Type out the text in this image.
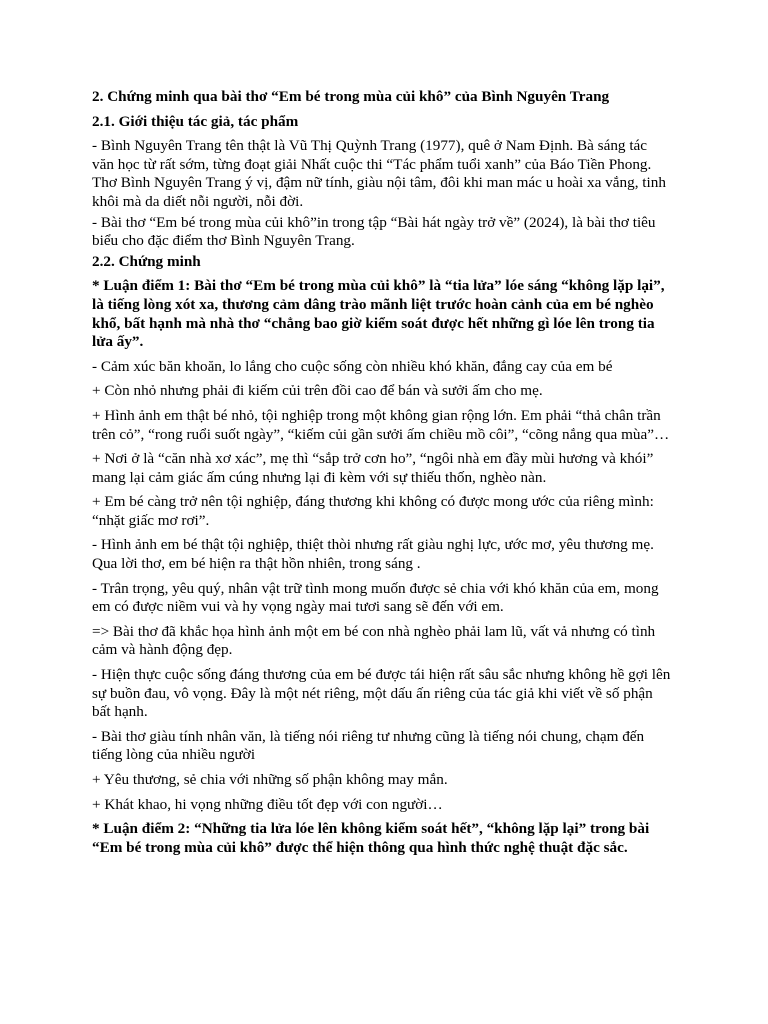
2. Chứng minh qua bài thơ “Em bé trong mùa củi khô” của Bình Nguyên Trang

2.1. Giới thiệu tác giả, tác phẩm

- Bình Nguyên Trang tên thật là Vũ Thị Quỳnh Trang (1977), quê ở Nam Định. Bà sáng tác văn học từ rất sớm, từng đoạt giải Nhất cuộc thi “Tác phẩm tuổi xanh” của Báo Tiền Phong. Thơ Bình Nguyên Trang ý vị, đậm nữ tính, giàu nội tâm, đôi khi man mác u hoài xa vắng, tinh khôi mà da diết nỗi người, nỗi đời.

- Bài thơ “Em bé trong mùa củi khô”in trong tập “Bài hát ngày trở về” (2024), là bài thơ tiêu biểu cho đặc điểm thơ Bình Nguyên Trang.

2.2. Chứng minh

* Luận điểm 1: Bài thơ “Em bé trong mùa củi khô” là “tia lửa” lóe sáng “không lặp lại”, là tiếng lòng xót xa, thương cảm dâng trào mãnh liệt trước hoàn cảnh của em bé nghèo khổ, bất hạnh mà nhà thơ “chẳng bao giờ kiểm soát được hết những gì lóe lên trong tia lửa ấy”.

- Cảm xúc băn khoăn, lo lắng cho cuộc sống còn nhiều khó khăn, đắng cay của em bé

+ Còn nhỏ nhưng phải đi kiếm củi trên đồi cao để bán và sưởi ấm cho mẹ.

+ Hình ảnh em thật bé nhỏ, tội nghiệp trong một không gian rộng lớn. Em phải “thả chân trần trên cỏ”, “rong ruổi suốt ngày”, “kiếm củi gần sưởi ấm chiều mồ côi”, “cõng nắng qua mùa”…

+ Nơi ở là “căn nhà xơ xác”, mẹ thì “sắp trở cơn ho”, “ngôi nhà em đầy mùi hương và khói” mang lại cảm giác ấm cúng nhưng lại đi kèm với sự thiếu thốn, nghèo nàn.

+ Em bé càng trở nên tội nghiệp, đáng thương khi không có được mong ước của riêng mình: “nhặt giấc mơ rơi”.

- Hình ảnh em bé thật tội nghiệp, thiệt thòi nhưng rất giàu nghị lực, ước mơ, yêu thương mẹ. Qua lời thơ, em bé hiện ra thật hồn nhiên, trong sáng .

- Trân trọng, yêu quý, nhân vật trữ tình mong muốn được sẻ chia với khó khăn của em, mong em có được niềm vui và hy vọng ngày mai tươi sang sẽ đến với em.

=> Bài thơ đã khắc họa hình ảnh một em bé con nhà nghèo phải lam lũ, vất vả nhưng có tình cảm và hành động đẹp.

- Hiện thực cuộc sống đáng thương của em bé được tái hiện rất sâu sắc nhưng không hề gợi lên sự buồn đau, vô vọng. Đây là một nét riêng, một dấu ấn riêng của tác giả khi viết về số phận bất hạnh.

- Bài thơ giàu tính nhân văn, là tiếng nói riêng tư nhưng cũng là tiếng nói chung, chạm đến tiếng lòng của nhiều người

+ Yêu thương, sẻ chia với những số phận không may mắn.

+ Khát khao, hi vọng những điều tốt đẹp với con người…

* Luận điểm 2: “Những tia lửa lóe lên không kiểm soát hết”, “không lặp lại” trong bài “Em bé trong mùa củi khô” được thể hiện thông qua hình thức nghệ thuật đặc sắc.
